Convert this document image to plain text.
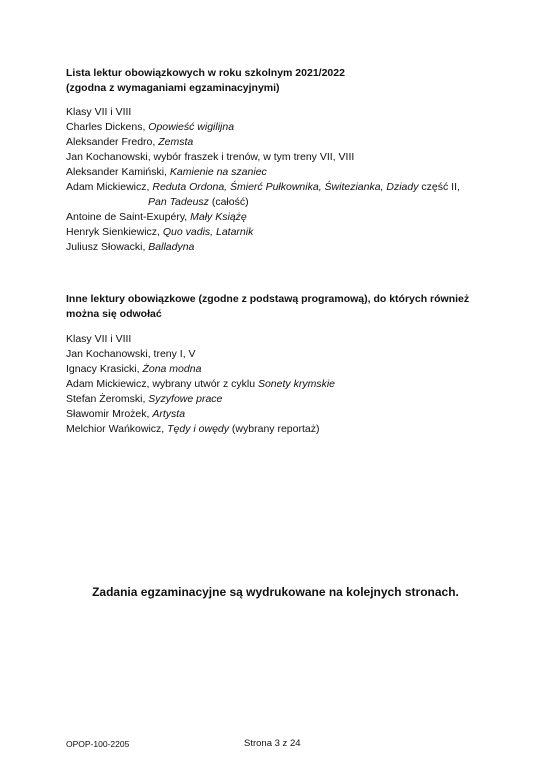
Lista lektur obowiązkowych w roku szkolnym 2021/2022
(zgodna z wymaganiami egzaminacyjnymi)
Klasy VII i VIII
Charles Dickens, Opowieść wigilijna
Aleksander Fredro, Zemsta
Jan Kochanowski, wybór fraszek i trenów, w tym treny VII, VIII
Aleksander Kamiński, Kamienie na szaniec
Adam Mickiewicz, Reduta Ordona, Śmierć Pułkownika, Świtezianka, Dziady część II,
Pan Tadeusz (całość)
Antoine de Saint-Exupéry, Mały Książę
Henryk Sienkiewicz, Quo vadis, Latarnik
Juliusz Słowacki, Balladyna
Inne lektury obowiązkowe (zgodne z podstawą programową), do których również
można się odwołać
Klasy VII i VIII
Jan Kochanowski, treny I, V
Ignacy Krasicki, Żona modna
Adam Mickiewicz, wybrany utwór z cyklu Sonety krymskie
Stefan Żeromski, Syzyfowe prace
Sławomir Mrożek, Artysta
Melchior Wańkowicz, Tędy i owędy (wybrany reportaż)
Zadania egzaminacyjne są wydrukowane na kolejnych stronach.
OPOP-100-2205	Strona 3 z 24
